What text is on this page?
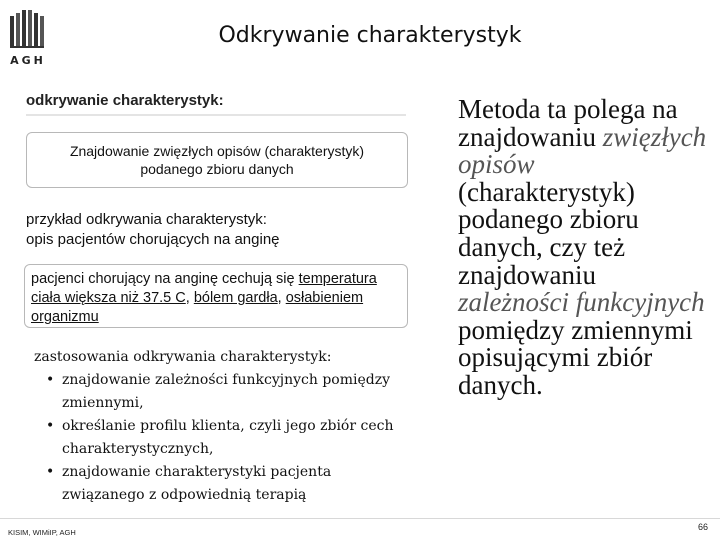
AGH
Odkrywanie charakterystyk
odkrywanie charakterystyk:
Znajdowanie zwięzłych opisów (charakterystyk)
podanego zbioru danych
przykład odkrywania charakterystyk:
opis pacjentów chorujących na anginę
pacjenci chorujący na anginę cechują się temperatura ciała większa niż 37.5 C, bólem gardła, osłabieniem organizmu
zastosowania odkrywania charakterystyk:
• znajdowanie zależności funkcyjnych pomiędzy zmiennymi,
• określanie profilu klienta, czyli jego zbiór cech charakterystycznych,
• znajdowanie charakterystyki pacjenta związanego z odpowiednią terapią
Metoda ta polega na znajdowaniu zwięzłych opisów (charakterystyk) podanego zbioru danych, czy też znajdowaniu zależności funkcyjnych pomiędzy zmiennymi opisującymi zbiór danych.
KISIM, WIMiIP, AGH
66
